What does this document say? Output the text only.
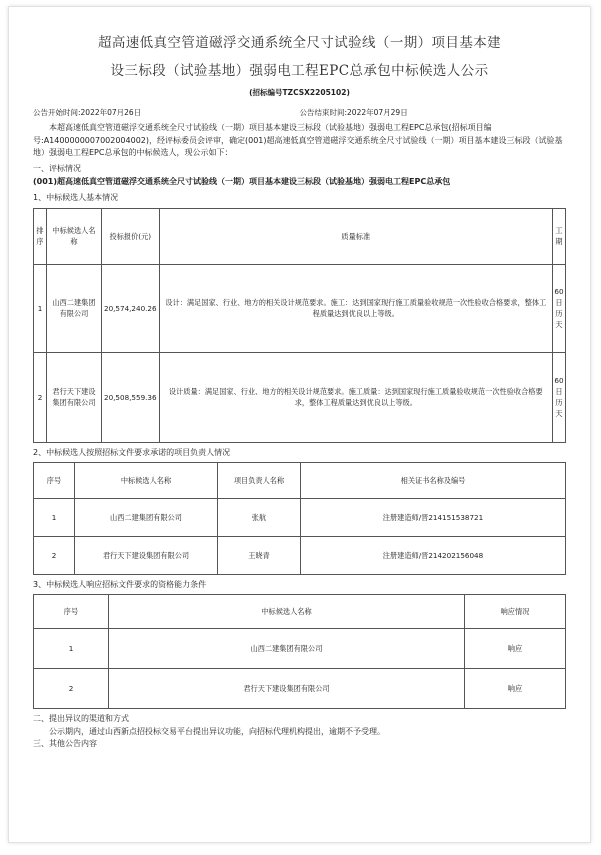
超高速低真空管道磁浮交通系统全尺寸试验线（一期）项目基本建
设三标段（试验基地）强弱电工程EPC总承包中标候选人公示
(招标编号TZCSX2205102)
公告开始时间:2022年07月26日	公告结束时间:2022年07月29日

本超高速低真空管道磁浮交通系统全尺寸试验线（一期）项目基本建设三标段（试验基地）强弱电工程EPC总承包(招标项目编号:A1400000007002004002)，经评标委员会评审，确定(001)超高速低真空管道磁浮交通系统全尺寸试验线（一期）项目基本建设三标段（试验基地）强弱电工程EPC总承包的中标候选人，现公示如下：

一、评标情况

(001)超高速低真空管道磁浮交通系统全尺寸试验线（一期）项目基本建设三标段（试验基地）强弱电工程EPC总承包

1、中标候选人基本情况

排序	中标候选人名称	投标报价(元)	质量标准	工期
1	山西二建集团有限公司	20,574,240.26	设计：满足国家、行业、地方的相关设计规范要求。施工：达到国家现行施工质量验收规范一次性验收合格要求，整体工程质量达到优良以上等级。	60日历天
2	君行天下建设集团有限公司	20,508,559.36	设计质量：满足国家、行业、地方的相关设计规范要求。施工质量：达到国家现行施工质量验收规范一次性验收合格要求，整体工程质量达到优良以上等级。	60日历天

2、中标候选人按照招标文件要求承诺的项目负责人情况

序号	中标候选人名称	项目负责人名称	相关证书名称及编号
1	山西二建集团有限公司	张航	注册建造师/晋214151538721
2	君行天下建设集团有限公司	王晓青	注册建造师/晋214202156048

3、中标候选人响应招标文件要求的资格能力条件

序号	中标候选人名称	响应情况
1	山西二建集团有限公司	响应
2	君行天下建设集团有限公司	响应

二、提出异议的渠道和方式

公示期内，通过山西新点招投标交易平台提出异议功能，向招标代理机构提出，逾期不予受理。

三、其他公告内容
